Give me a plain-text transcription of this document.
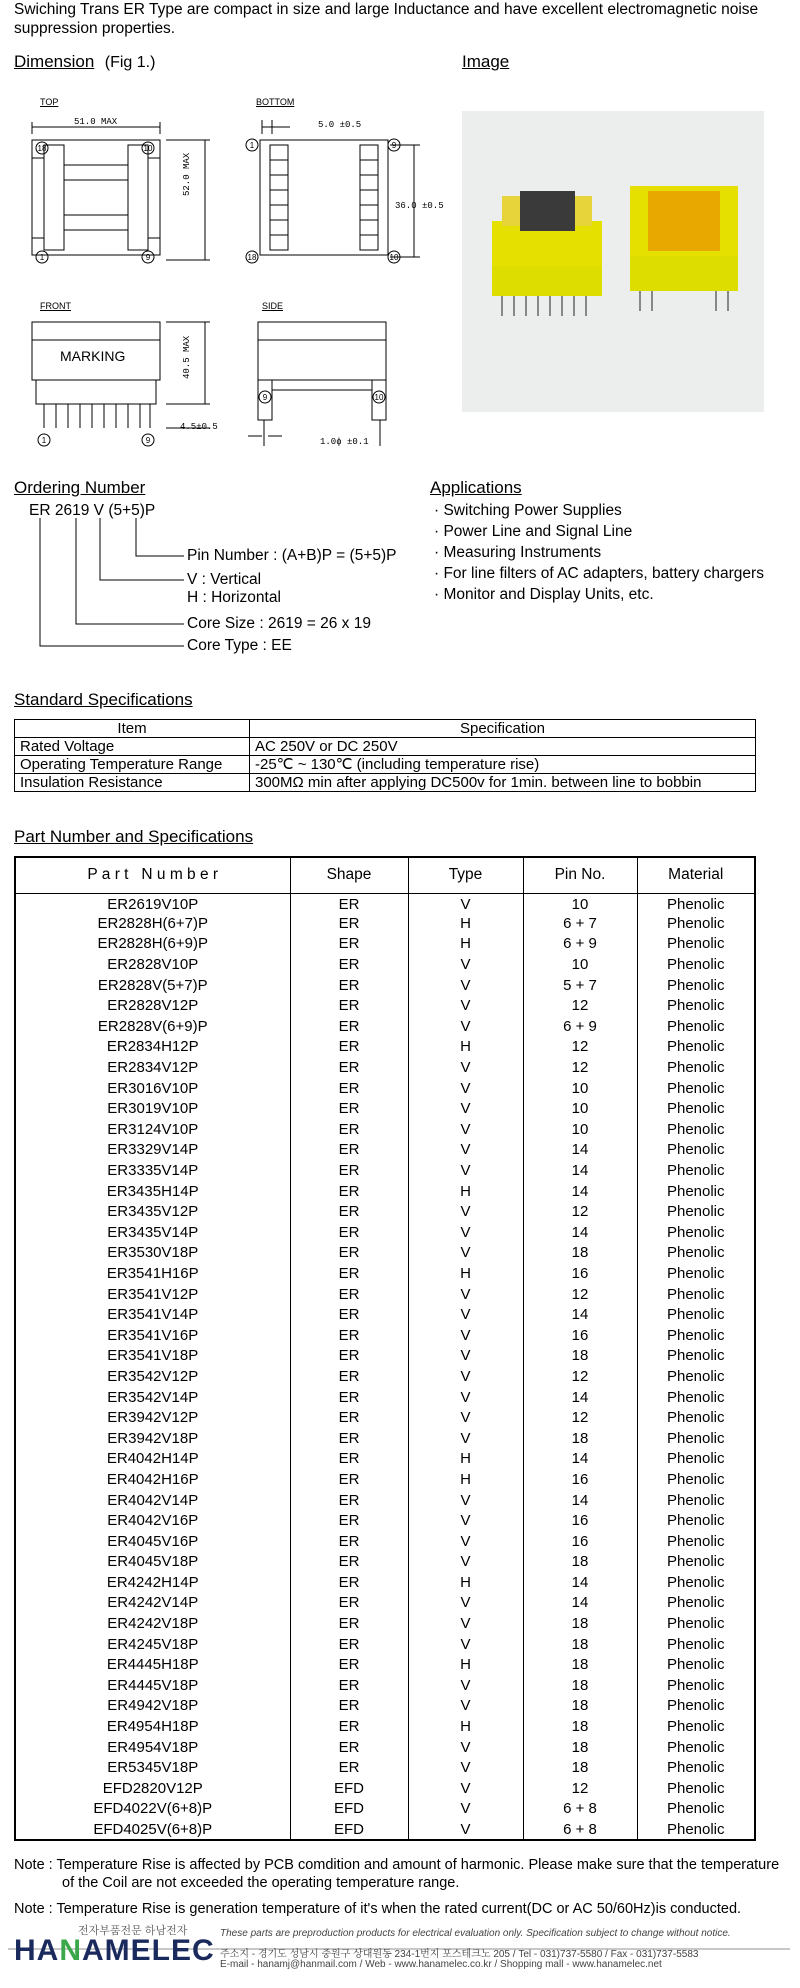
Swiching Trans ER Type are compact in size and large Inductance and have excellent electromagnetic noise suppression properties.
Dimension (Fig 1.)	Image
18	10
1	9
1	9
18	10
1	9
9	10
TOP	BOTTOM
FRONT	SIDE
51.0 MAX
52.0 MAX
5.0 ±0.5
36.0 ±0.5
MARKING	40.5 MAX
4.5±0.5
1.0ϕ ±0.1
Ordering Number
ER 2619 V (5+5)P
Pin Number : (A+B)P = (5+5)P
V : Vertical
H : Horizontal
Core Size : 2619 = 26 x 19
Core Type : EE
Applications
· Switching Power Supplies
· Power Line and Signal Line
· Measuring Instruments
· For line filters of AC adapters, battery chargers
· Monitor and Display Units, etc.
Standard Specifications
Item	Specification
Rated Voltage	AC 250V or DC 250V
Operating Temperature Range	-25℃ ~ 130℃ (including temperature rise)
Insulation Resistance	300MΩ min after applying DC500v for 1min. between line to bobbin
Part Number and Specifications
P a r t   N u m b e r	Shape	Type	Pin No.	Material
ER2619V10P	ER	V	10	Phenolic
ER2828H(6+7)P	ER	H	6 + 7	Phenolic
ER2828H(6+9)P	ER	H	6 + 9	Phenolic
ER2828V10P	ER	V	10	Phenolic
ER2828V(5+7)P	ER	V	5 + 7	Phenolic
ER2828V12P	ER	V	12	Phenolic
ER2828V(6+9)P	ER	V	6 + 9	Phenolic
ER2834H12P	ER	H	12	Phenolic
ER2834V12P	ER	V	12	Phenolic
ER3016V10P	ER	V	10	Phenolic
ER3019V10P	ER	V	10	Phenolic
ER3124V10P	ER	V	10	Phenolic
ER3329V14P	ER	V	14	Phenolic
ER3335V14P	ER	V	14	Phenolic
ER3435H14P	ER	H	14	Phenolic
ER3435V12P	ER	V	12	Phenolic
ER3435V14P	ER	V	14	Phenolic
ER3530V18P	ER	V	18	Phenolic
ER3541H16P	ER	H	16	Phenolic
ER3541V12P	ER	V	12	Phenolic
ER3541V14P	ER	V	14	Phenolic
ER3541V16P	ER	V	16	Phenolic
ER3541V18P	ER	V	18	Phenolic
ER3542V12P	ER	V	12	Phenolic
ER3542V14P	ER	V	14	Phenolic
ER3942V12P	ER	V	12	Phenolic
ER3942V18P	ER	V	18	Phenolic
ER4042H14P	ER	H	14	Phenolic
ER4042H16P	ER	H	16	Phenolic
ER4042V14P	ER	V	14	Phenolic
ER4042V16P	ER	V	16	Phenolic
ER4045V16P	ER	V	16	Phenolic
ER4045V18P	ER	V	18	Phenolic
ER4242H14P	ER	H	14	Phenolic
ER4242V14P	ER	V	14	Phenolic
ER4242V18P	ER	V	18	Phenolic
ER4245V18P	ER	V	18	Phenolic
ER4445H18P	ER	H	18	Phenolic
ER4445V18P	ER	V	18	Phenolic
ER4942V18P	ER	V	18	Phenolic
ER4954H18P	ER	H	18	Phenolic
ER4954V18P	ER	V	18	Phenolic
ER5345V18P	ER	V	18	Phenolic
EFD2820V12P	EFD	V	12	Phenolic
EFD4022V(6+8)P	EFD	V	6 + 8	Phenolic
EFD4025V(6+8)P	EFD	V	6 + 8	Phenolic

Note : Temperature Rise is affected by PCB comdition and amount of harmonic. Please make sure that the temperature of the Coil are not exceeded the operating temperature range.

Note : Temperature Rise is generation temperature of it's when the rated current(DC or AC 50/60Hz)is conducted.

전자부품전문 하남전자
HANAMELEC
These parts are preproduction products for electrical evaluation only. Specification subject to change without notice.
주소지 - 경기도 성남시 중원구 상대원동 234-1번지 포스테크노 205 / Tel - 031)737-5580 / Fax - 031)737-5583
E-mail - hanamj@hanmail.com / Web - www.hanamelec.co.kr / Shopping mall - www.hanamelec.net
